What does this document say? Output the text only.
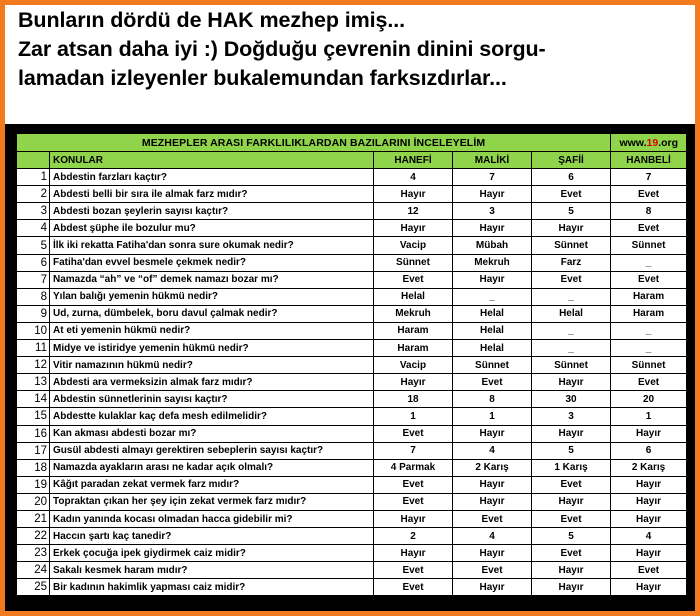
Bunların dördü de HAK mezhep imiş...
Zar atsan daha iyi :) Doğduğu çevrenin dinini sorgu-
lamadan izleyenler bukalemundan farksızdırlar...
MEZHEPLER ARASI FARKLILIKLARDAN BAZILARINI İNCELEYELİM					www.19.org
	KONULAR	HANEFİ	MALİKİ	ŞAFİİ	HANBELİ
1	Abdestin farzları kaçtır?	4	7	6	7
2	Abdesti belli bir sıra ile almak farz mıdır?	Hayır	Hayır	Evet	Evet
3	Abdesti bozan şeylerin sayısı kaçtır?	12	3	5	8
4	Abdest şüphe ile bozulur mu?	Hayır	Hayır	Hayır	Evet
5	İlk iki rekatta Fatiha'dan sonra sure okumak nedir?	Vacip	Mübah	Sünnet	Sünnet
6	Fatiha'dan evvel besmele çekmek nedir?	Sünnet	Mekruh	Farz	_
7	Namazda “ah” ve “of” demek namazı bozar mı?	Evet	Hayır	Evet	Evet
8	Yılan balığı yemenin hükmü nedir?	Helal	_	_	Haram
9	Ud, zurna, dümbelek, boru davul çalmak nedir?	Mekruh	Helal	Helal	Haram
10	At eti yemenin hükmü nedir?	Haram	Helal	_	_
11	Midye ve istiridye yemenin hükmü nedir?	Haram	Helal	_	_
12	Vitir namazının hükmü nedir?	Vacip	Sünnet	Sünnet	Sünnet
13	Abdesti ara vermeksizin almak farz mıdır?	Hayır	Evet	Hayır	Evet
14	Abdestin sünnetlerinin sayısı kaçtır?	18	8	30	20
15	Abdestte kulaklar kaç defa mesh edilmelidir?	1	1	3	1
16	Kan akması abdesti bozar mı?	Evet	Hayır	Hayır	Hayır
17	Gusül abdesti almayı gerektiren sebeplerin sayısı kaçtır?	7	4	5	6
18	Namazda ayakların arası ne kadar açık olmalı?	4 Parmak	2 Karış	1 Karış	2 Karış
19	Kâğıt paradan zekat vermek farz mıdır?	Evet	Hayır	Evet	Hayır
20	Topraktan çıkan her şey için zekat vermek farz mıdır?	Evet	Hayır	Hayır	Hayır
21	Kadın yanında kocası olmadan hacca gidebilir mi?	Hayır	Evet	Evet	Hayır
22	Haccın şartı kaç tanedir?	2	4	5	4
23	Erkek çocuğa ipek giydirmek caiz midir?	Hayır	Hayır	Evet	Hayır
24	Sakalı kesmek haram mıdır?	Evet	Evet	Hayır	Evet
25	Bir kadının hakimlik yapması caiz midir?	Evet	Hayır	Hayır	Hayır
